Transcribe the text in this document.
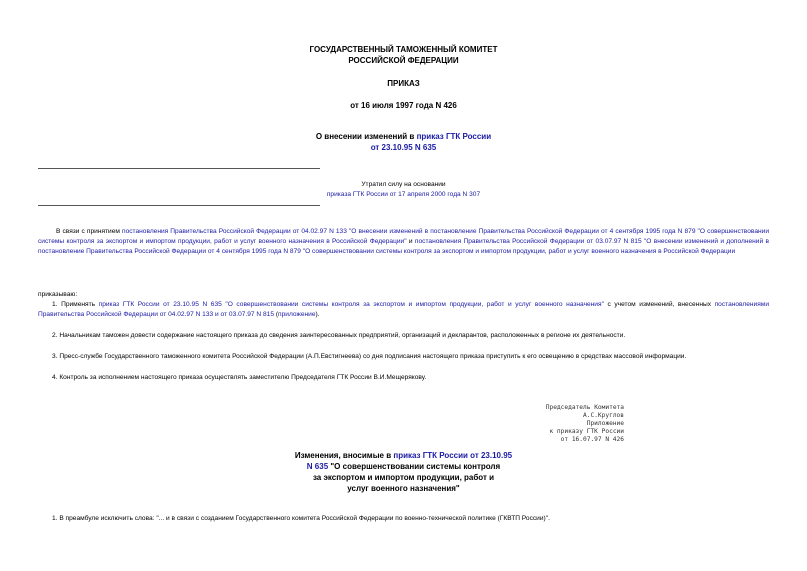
ГОСУДАРСТВЕННЫЙ ТАМОЖЕННЫЙ КОМИТЕТ
РОССИЙСКОЙ ФЕДЕРАЦИИ
ПРИКАЗ
от 16 июля 1997 года N 426
О внесении изменений в приказ ГТК России
от 23.10.95 N 635
Утратил силу на основании
приказа ГТК России от 17 апреля 2000 года N 307
В связи с принятием постановления Правительства Российской Федерации от 04.02.97 N 133 "О внесении изменений в постановление Правительства Российской Федерации от 4 сентября 1995 года N 879 "О совершенствовании системы контроля за экспортом и импортом продукции, работ и услуг военного назначения в Российской Федерации" и постановления Правительства Российской Федерации от 03.07.97 N 815 "О внесении изменений и дополнений в постановление Правительства Российской Федерации от 4 сентября 1995 года N 879 "О совершенствовании системы контроля за экспортом и импортом продукции, работ и услуг военного назначения в Российской Федерации
приказываю:
1. Применять приказ ГТК России от 23.10.95 N 635 "О совершенствовании системы контроля за экспортом и импортом продукции, работ и услуг военного назначения" с учетом изменений, внесенных постановлениями Правительства Российской Федерации от 04.02.97 N 133 и от 03.07.97 N 815 (приложение).
2. Начальникам таможен довести содержание настоящего приказа до сведения заинтересованных предприятий, организаций и декларантов, расположенных в регионе их деятельности.
3. Пресс-службе Государственного таможенного комитета Российской Федерации (А.П.Евстигнеева) со дня подписания настоящего приказа приступить к его освещению в средствах массовой информации.
4. Контроль за исполнением настоящего приказа осуществлять заместителю Председателя ГТК России В.И.Мещерякову.
Председатель Комитета
А.С.Круглов
Приложение
к приказу ГТК России
от 16.07.97 N 426
Изменения, вносимые в приказ ГТК России от 23.10.95
N 635 "О совершенствовании системы контроля
за экспортом и импортом продукции, работ и
услуг военного назначения"
1. В преамбуле исключить слова: "... и в связи с созданием Государственного комитета Российской Федерации по военно-технической политике (ГКВТП России)".
